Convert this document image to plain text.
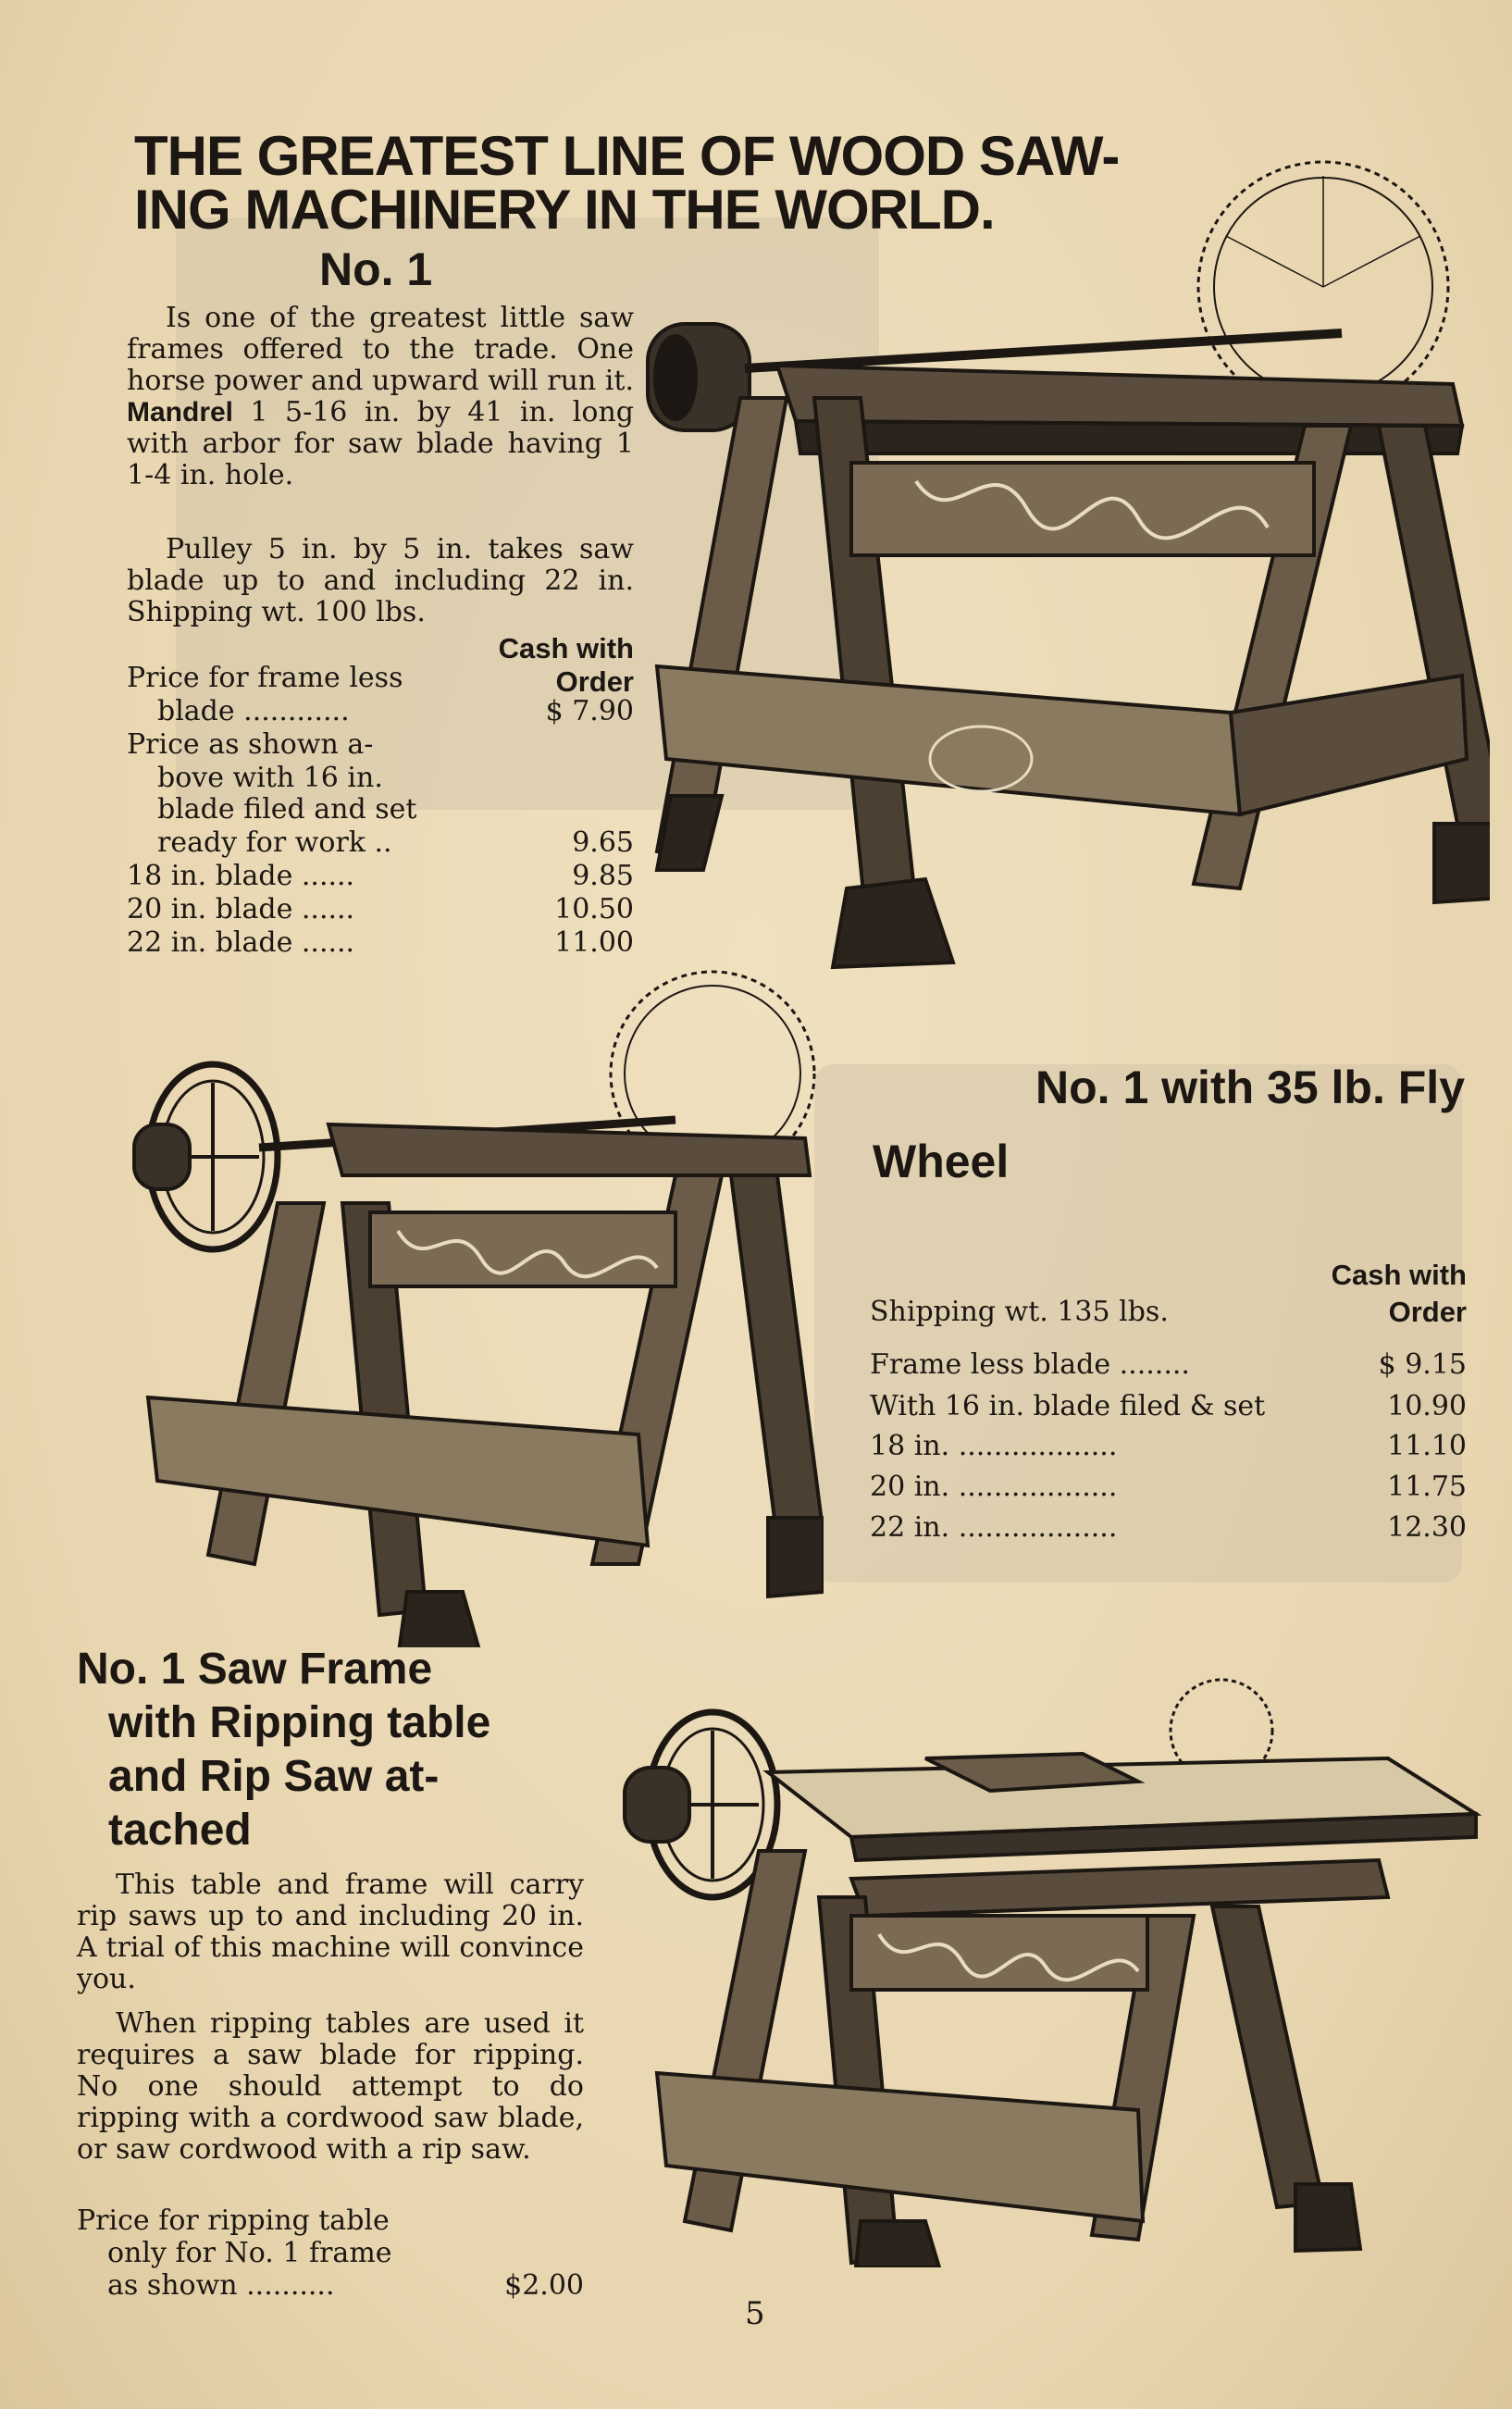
THE GREATEST LINE OF WOOD SAW-
ING MACHINERY IN THE WORLD.
No. 1

Is one of the greatest little saw frames offered to the trade. One horse power and upward will run it. Mandrel 1 5-16 in. by 41 in. long with arbor for saw blade having 1 1-4 in. hole.

Pulley 5 in. by 5 in. takes saw blade up to and including 22 in. Shipping wt. 100 lbs.

Cash with
Order
Price for frame less
blade ............	$ 7.90
Price as shown a-
bove with 16 in.
blade filed and set
ready for work ..	9.65
18 in. blade ......	9.85
20 in. blade ......	10.50
22 in. blade ......	11.00
No. 1 with 35 lb. Fly
Wheel
Cash with
Shipping wt. 135 lbs.	Order
Frame less blade ........	$ 9.15
With 16 in. blade filed & set	10.90
18 in. ..................	11.10
20 in. ..................	11.75
22 in. ..................	12.30
No. 1 Saw Frame
with Ripping table
and Rip Saw at-
tached

This table and frame will carry rip saws up to and including 20 in. A trial of this machine will convince you.

When ripping tables are used it requires a saw blade for ripping. No one should attempt to do ripping with a cordwood saw blade, or saw cordwood with a rip saw.

Price for ripping table
only for No. 1 frame
as shown ..........	$2.00
5
